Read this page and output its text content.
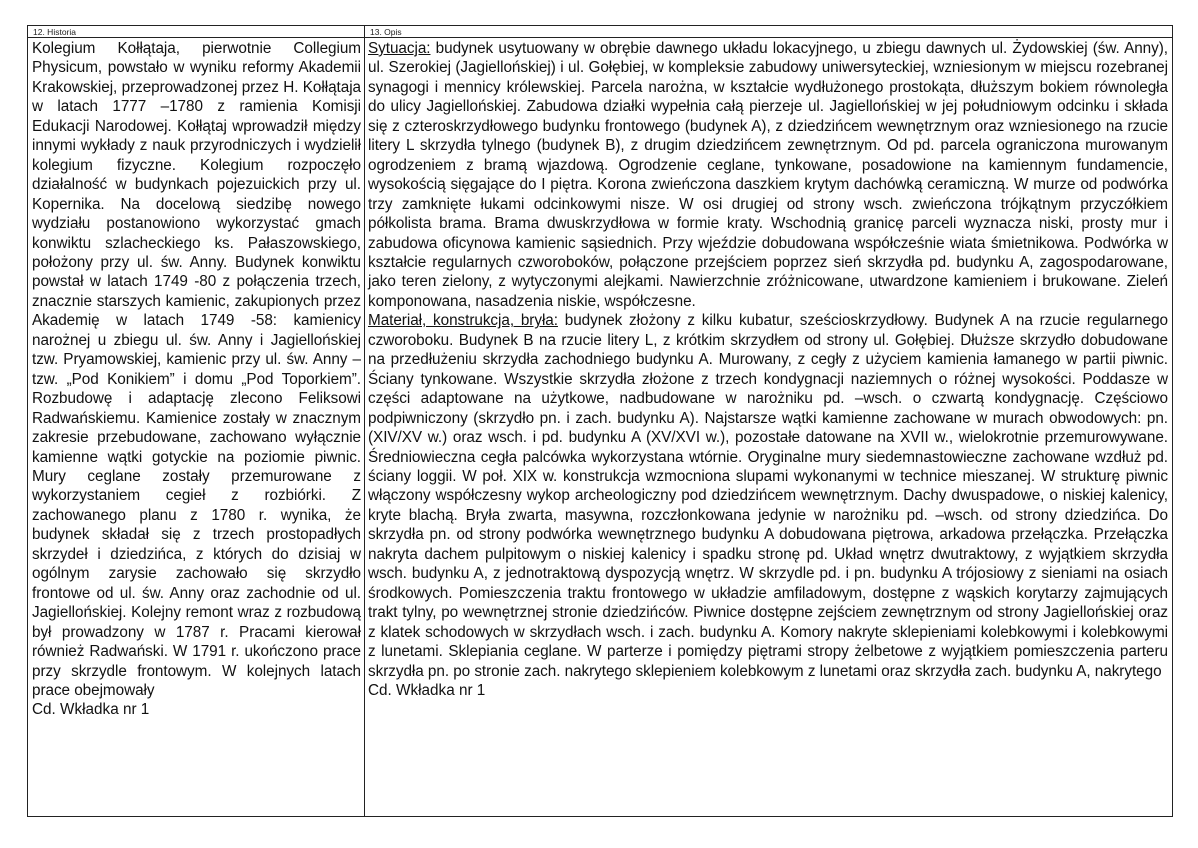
12. Historia

Kolegium Kołłątaja, pierwotnie Collegium Physicum, powstało w wyniku reformy Akademii Krakowskiej, przeprowadzonej przez H. Kołłątaja w latach 1777 –1780 z ramienia Komisji Edukacji Narodowej. Kołłątaj wprowadził między innymi wykłady z nauk przyrodniczych i wydzielił kolegium fizyczne. Kolegium rozpoczęło działalność w budynkach pojezuickich przy ul. Kopernika. Na docelową siedzibę nowego wydziału postanowiono wykorzystać gmach konwiktu szlacheckiego ks. Pałaszowskiego, położony przy ul. św. Anny. Budynek konwiktu powstał w latach 1749 -80 z połączenia trzech, znacznie starszych kamienic, zakupionych przez Akademię w latach 1749 -58: kamienicy narożnej u zbiegu ul. św. Anny i Jagiellońskiej tzw. Pryamowskiej, kamienic przy ul. św. Anny – tzw. „Pod Konikiem” i domu „Pod Toporkiem”. Rozbudowę i adaptację zlecono Feliksowi Radwańskiemu. Kamienice zostały w znacznym zakresie przebudowane, zachowano wyłącznie kamienne wątki gotyckie na poziomie piwnic. Mury ceglane zostały przemurowane z wykorzystaniem cegieł z rozbiórki. Z zachowanego planu z 1780 r. wynika, że budynek składał się z trzech prostopadłych skrzydeł i dziedzińca, z których do dzisiaj w ogólnym zarysie zachowało się skrzydło frontowe od ul. św. Anny oraz zachodnie od ul. Jagiellońskiej. Kolejny remont wraz z rozbudową był prowadzony w 1787 r. Pracami kierował również Radwański. W 1791 r. ukończono prace przy skrzydle frontowym. W kolejnych latach prace obejmowały

Cd. Wkładka nr 1
13. Opis

Sytuacja: budynek usytuowany w obrębie dawnego układu lokacyjnego, u zbiegu dawnych ul. Żydowskiej (św. Anny), ul. Szerokiej (Jagiellońskiej) i ul. Gołębiej, w kompleksie zabudowy uniwersyteckiej, wzniesionym w miejscu rozebranej synagogi i mennicy królewskiej. Parcela narożna, w kształcie wydłużonego prostokąta, dłuższym bokiem równoległa do ulicy Jagiellońskiej. Zabudowa działki wypełnia całą pierzeje ul. Jagiellońskiej w jej południowym odcinku i składa się z czteroskrzydłowego budynku frontowego (budynek A), z dziedzińcem wewnętrznym oraz wzniesionego na rzucie litery L skrzydła tylnego (budynek B), z drugim dziedzińcem zewnętrznym. Od pd. parcela ograniczona murowanym ogrodzeniem z bramą wjazdową. Ogrodzenie ceglane, tynkowane, posadowione na kamiennym fundamencie, wysokością sięgające do I piętra. Korona zwieńczona daszkiem krytym dachówką ceramiczną. W murze od podwórka trzy zamknięte łukami odcinkowymi nisze. W osi drugiej od strony wsch. zwieńczona trójkątnym przyczółkiem półkolista brama. Brama dwuskrzydłowa w formie kraty. Wschodnią granicę parceli wyznacza niski, prosty mur i zabudowa oficynowa kamienic sąsiednich. Przy wjeździe dobudowana współcześnie wiata śmietnikowa. Podwórka w kształcie regularnych czworoboków, połączone przejściem poprzez sień skrzydła pd. budynku A, zagospodarowane, jako teren zielony, z wytyczonymi alejkami. Nawierzchnie zróżnicowane, utwardzone kamieniem i brukowane. Zieleń komponowana, nasadzenia niskie, współczesne.

Materiał, konstrukcja, bryła: budynek złożony z kilku kubatur, sześcioskrzydłowy. Budynek A na rzucie regularnego czworoboku. Budynek B na rzucie litery L, z krótkim skrzydłem od strony ul. Gołębiej. Dłuższe skrzydło dobudowane na przedłużeniu skrzydła zachodniego budynku A. Murowany, z cegły z użyciem kamienia łamanego w partii piwnic. Ściany tynkowane. Wszystkie skrzydła złożone z trzech kondygnacji naziemnych o różnej wysokości. Poddasze w części adaptowane na użytkowe, nadbudowane w narożniku pd. –wsch. o czwartą kondygnację. Częściowo podpiwniczony (skrzydło pn. i zach. budynku A). Najstarsze wątki kamienne zachowane w murach obwodowych: pn. (XIV/XV w.) oraz wsch. i pd. budynku A (XV/XVI w.), pozostałe datowane na XVII w., wielokrotnie przemurowywane. Średniowieczna cegła palcówka wykorzystana wtórnie. Oryginalne mury siedemnastowieczne zachowane wzdłuż pd. ściany loggii. W poł. XIX w. konstrukcja wzmocniona slupami wykonanymi w technice mieszanej. W strukturę piwnic włączony współczesny wykop archeologiczny pod dziedzińcem wewnętrznym. Dachy dwuspadowe, o niskiej kalenicy, kryte blachą. Bryła zwarta, masywna, rozczłonkowana jedynie w narożniku pd. –wsch. od strony dziedzińca. Do skrzydła pn. od strony podwórka wewnętrznego budynku A dobudowana piętrowa, arkadowa przełączka. Przełączka nakryta dachem pulpitowym o niskiej kalenicy i spadku stronę pd. Układ wnętrz dwutraktowy, z wyjątkiem skrzydła wsch. budynku A, z jednotraktową dyspozycją wnętrz. W skrzydle pd. i pn. budynku A trójosiowy z sieniami na osiach środkowych. Pomieszczenia traktu frontowego w układzie amfiladowym, dostępne z wąskich korytarzy zajmujących trakt tylny, po wewnętrznej stronie dziedzińców. Piwnice dostępne zejściem zewnętrznym od strony Jagiellońskiej oraz z klatek schodowych w skrzydłach wsch. i zach. budynku A. Komory nakryte sklepieniami kolebkowymi i kolebkowymi z lunetami. Sklepiania ceglane. W parterze i pomiędzy piętrami stropy żelbetowe z wyjątkiem pomieszczenia parteru skrzydła pn. po stronie zach. nakrytego sklepieniem kolebkowym z lunetami oraz skrzydła zach. budynku A, nakrytego

Cd. Wkładka nr 1
